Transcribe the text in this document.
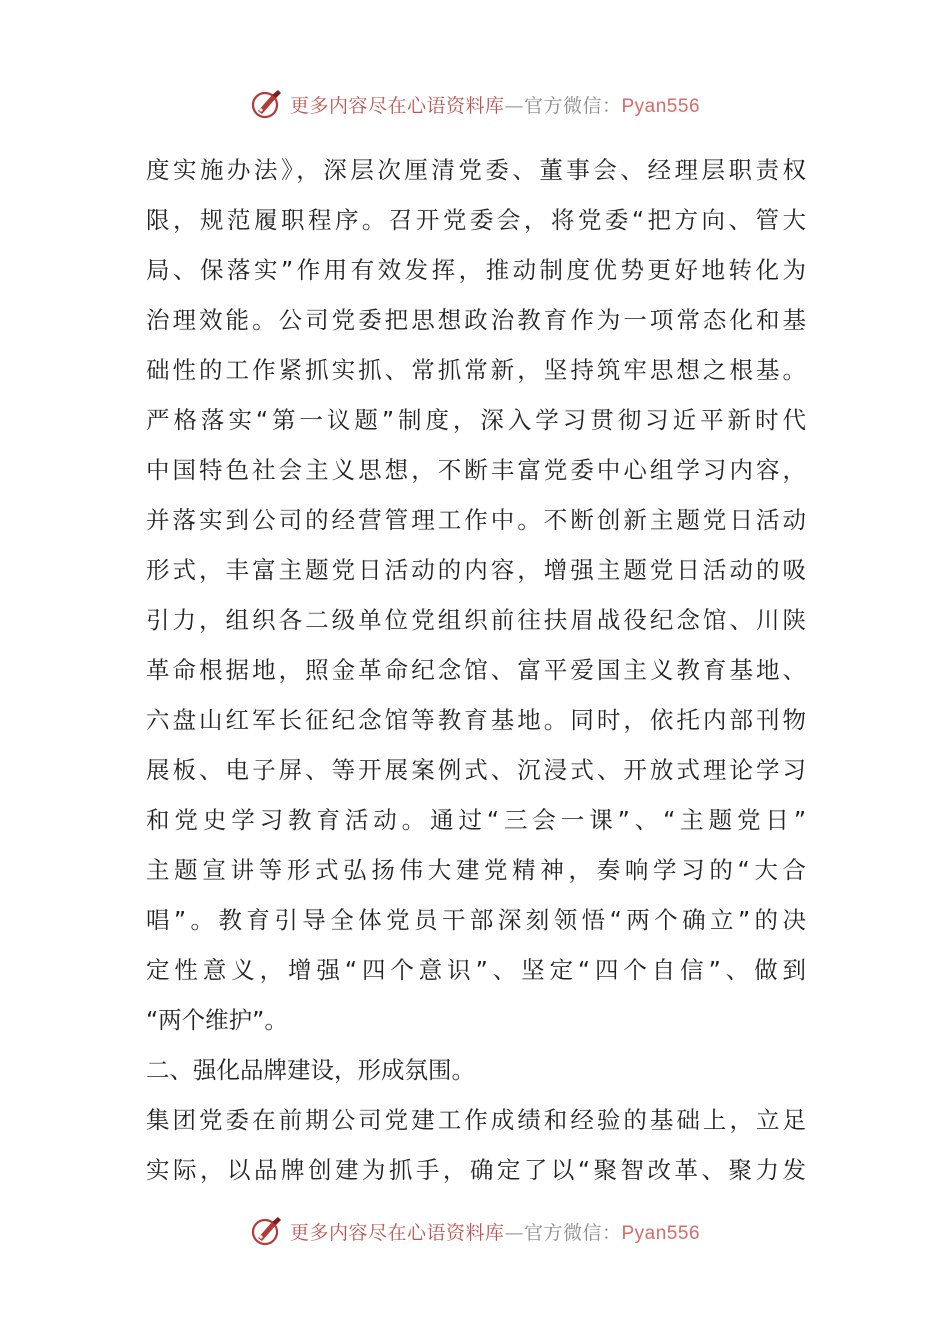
更多内容尽在心语资料库—官方微信：Pyan556
度实施办法》，深层次厘清党委、董事会、经理层职责权
限，规范履职程序。召开党委会，将党委“把方向、管大
局、保落实”作用有效发挥，推动制度优势更好地转化为
治理效能。公司党委把思想政治教育作为一项常态化和基
础性的工作紧抓实抓、常抓常新，坚持筑牢思想之根基。
严格落实“第一议题”制度，深入学习贯彻习近平新时代
中国特色社会主义思想，不断丰富党委中心组学习内容，
并落实到公司的经营管理工作中。不断创新主题党日活动
形式，丰富主题党日活动的内容，增强主题党日活动的吸
引力，组织各二级单位党组织前往扶眉战役纪念馆、川陕
革命根据地，照金革命纪念馆、富平爱国主义教育基地、
六盘山红军长征纪念馆等教育基地。同时，依托内部刊物
展板、电子屏、等开展案例式、沉浸式、开放式理论学习
和党史学习教育活动。通过“三会一课”、“主题党日”
主题宣讲等形式弘扬伟大建党精神，奏响学习的“大合
唱”。教育引导全体党员干部深刻领悟“两个确立”的决
定性意义，增强“四个意识”、坚定“四个自信”、做到
“两个维护”。
二、强化品牌建设，形成氛围。
集团党委在前期公司党建工作成绩和经验的基础上，立足
实际，以品牌创建为抓手，确定了以“聚智改革、聚力发
更多内容尽在心语资料库—官方微信：Pyan556
